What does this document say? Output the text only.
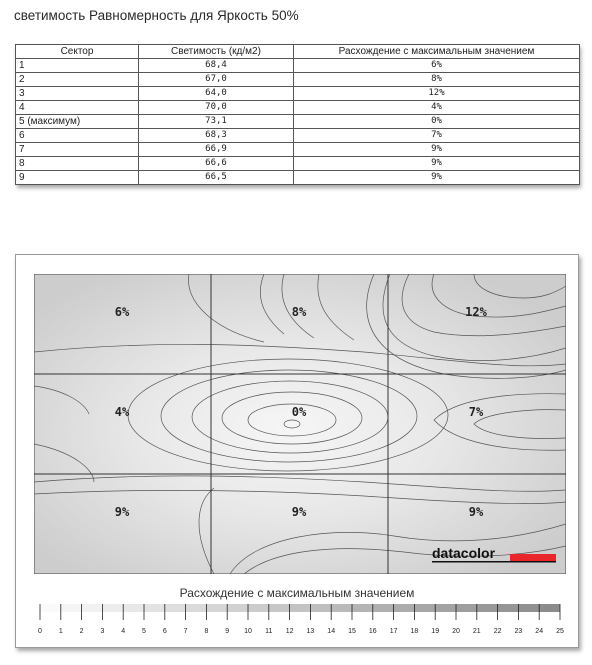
светимость Равномерность для Яркость 50%
Сектор	Светимость (кд/м2)	Расхождение с максимальным значением
1	68,4	6%
2	67,0	8%
3	64,0	12%
4	70,0	4%
5 (максимум)	73,1	0%
6	68,3	7%
7	66,9	9%
8	66,6	9%
9	66,5	9%
6%	8%	12%
4%	0%	7%
9%	9%	9%
datacolor
Расхождение с максимальным значением
0 1 2 3 4 5 6 7 8 9 10 11 12 13 14 15 16 17 18 19 20 21 22 23 24 25
